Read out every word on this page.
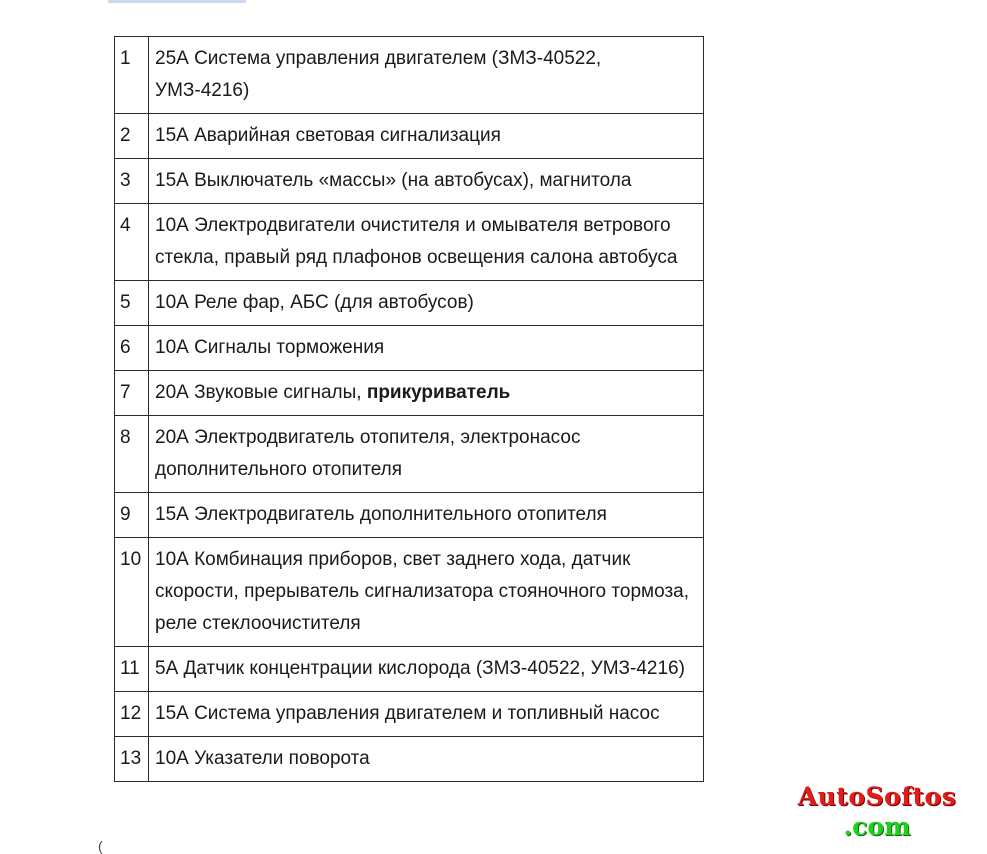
1	25А Система управления двигателем (ЗМЗ-40522, УМЗ-4216)
2	15А Аварийная световая сигнализация
3	15А Выключатель «массы» (на автобусах), магнитола
4	10А Электродвигатели очистителя и омывателя ветрового стекла, правый ряд плафонов освещения салона автобуса
5	10А Реле фар, АБС (для автобусов)
6	10А Сигналы торможения
7	20А Звуковые сигналы, прикуриватель
8	20А Электродвигатель отопителя, электронасос дополнительного отопителя
9	15А Электродвигатель дополнительного отопителя
10	10А Комбинация приборов, свет заднего хода, датчик скорости, прерыватель сигнализатора стояночного тормоза, реле стеклоочистителя
11	5А Датчик концентрации кислорода (ЗМЗ-40522, УМЗ-4216)
12	15А Система управления двигателем и топливный насос
13	10А Указатели поворота
(
AutoSoftos
.com
